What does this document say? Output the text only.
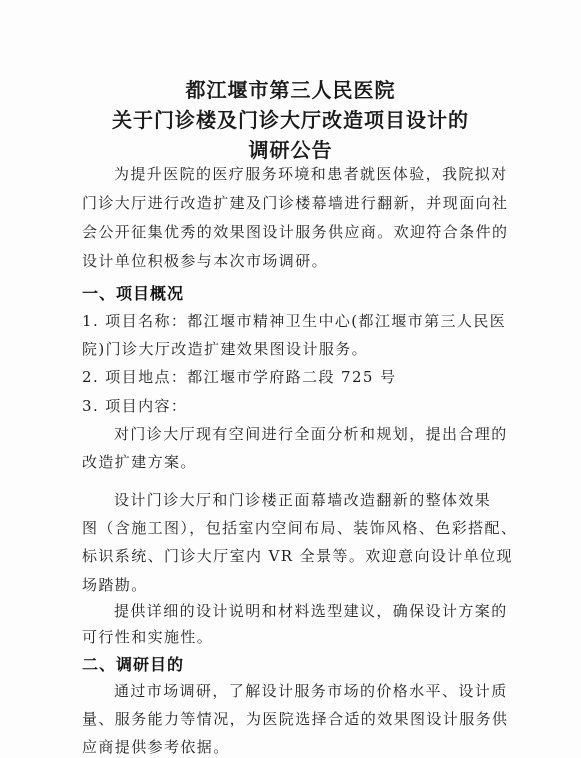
都江堰市第三人民医院
关于门诊楼及门诊大厅改造项目设计的
调研公告
为提升医院的医疗服务环境和患者就医体验，我院拟对
门诊大厅进行改造扩建及门诊楼幕墙进行翻新，并现面向社
会公开征集优秀的效果图设计服务供应商。欢迎符合条件的
设计单位积极参与本次市场调研。
一、项目概况
1. 项目名称：都江堰市精神卫生中心(都江堰市第三人民医
院)门诊大厅改造扩建效果图设计服务。
2. 项目地点：都江堰市学府路二段 725 号
3. 项目内容：
对门诊大厅现有空间进行全面分析和规划，提出合理的
改造扩建方案。
设计门诊大厅和门诊楼正面幕墙改造翻新的整体效果
图（含施工图），包括室内空间布局、装饰风格、色彩搭配、
标识系统、门诊大厅室内 VR 全景等。欢迎意向设计单位现
场踏勘。
提供详细的设计说明和材料选型建议，确保设计方案的
可行性和实施性。
二、调研目的
通过市场调研，了解设计服务市场的价格水平、设计质
量、服务能力等情况，为医院选择合适的效果图设计服务供
应商提供参考依据。
